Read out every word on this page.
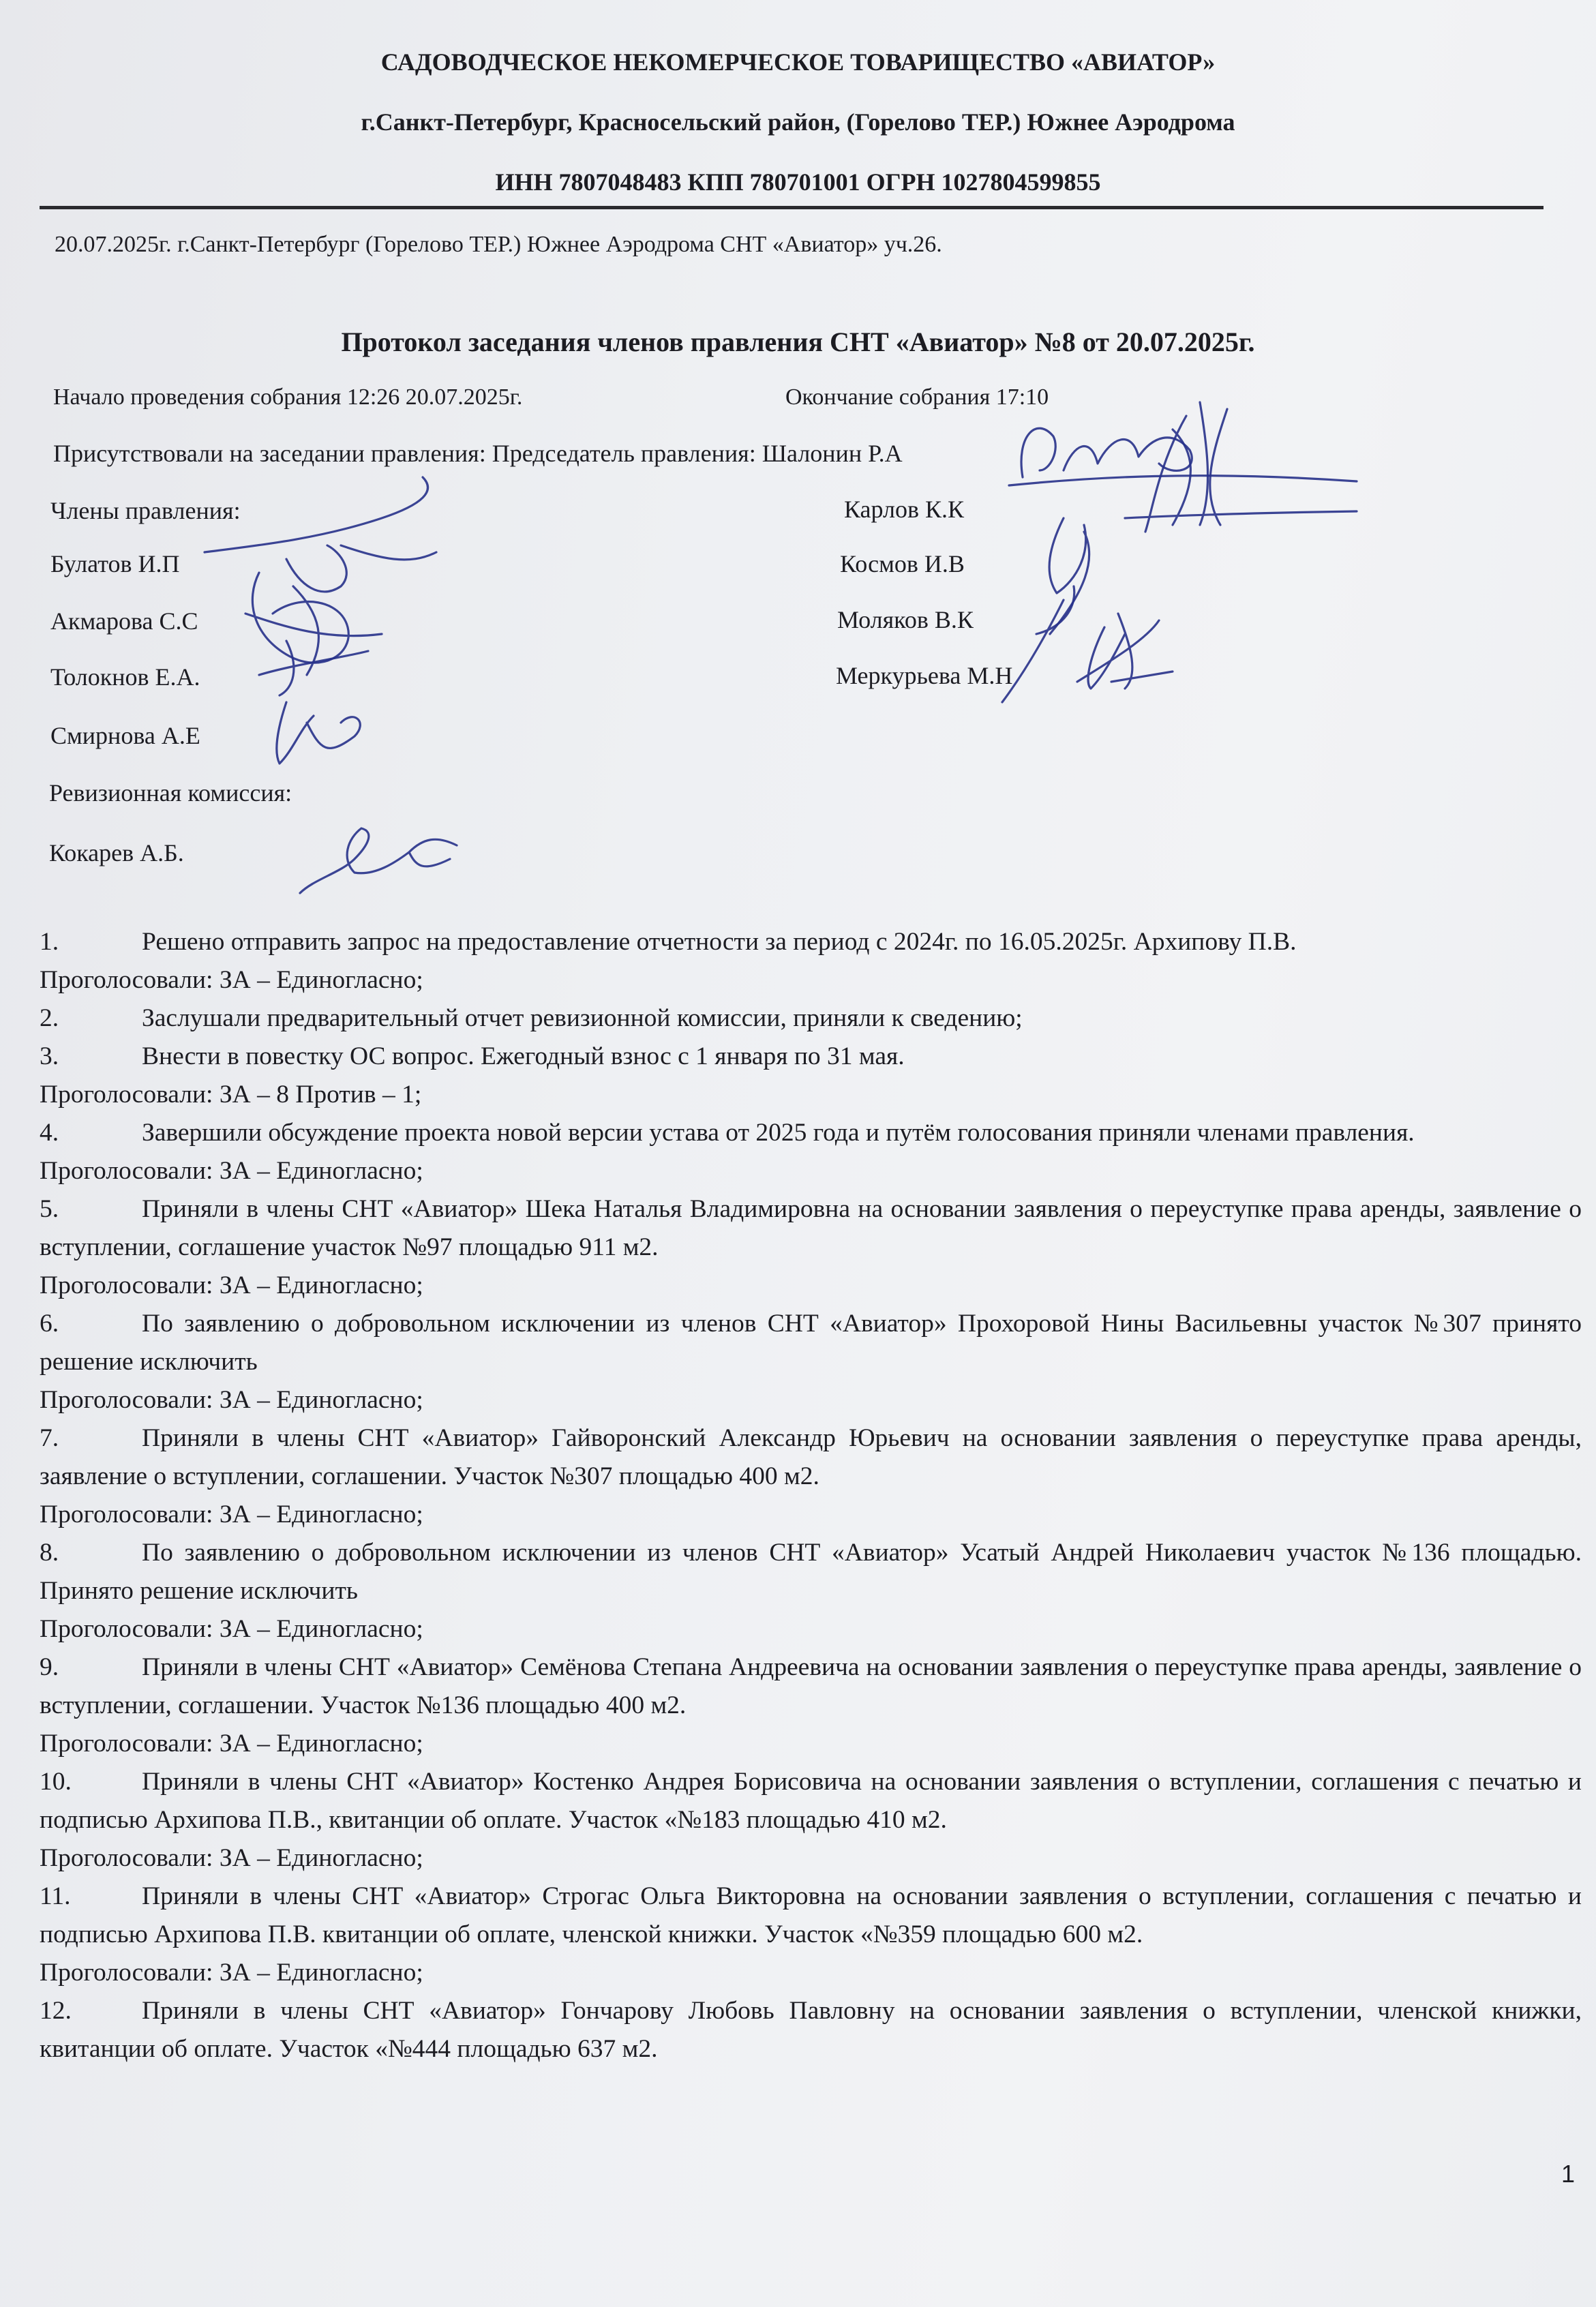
САДОВОДЧЕСКОЕ НЕКОМЕРЧЕСКОЕ ТОВАРИЩЕСТВО «АВИАТОР»
г.Санкт-Петербург, Красносельский район, (Горелово ТЕР.) Южнее Аэродрома
ИНН 7807048483 КПП 780701001 ОГРН 1027804599855
20.07.2025г. г.Санкт-Петербург (Горелово ТЕР.) Южнее Аэродрома СНТ «Авиатор» уч.26.
Протокол заседания членов правления СНТ «Авиатор» №8 от 20.07.2025г.
Начало проведения собрания 12:26 20.07.2025г.	Окончание собрания 17:10
Присутствовали на заседании правления: Председатель правления: Шалонин Р.А
Члены правления:
Булатов И.П
Акмарова С.С
Толокнов Е.А.
Смирнова А.Е
Карлов К.К
Космов И.В
Моляков В.К
Меркурьева М.Н
Ревизионная комиссия:
Кокарев А.Б.

1.	Решено отправить запрос на предоставление отчетности за период с 2024г. по 16.05.2025г. Архипову П.В.

Проголосовали: ЗА – Единогласно;

2.	Заслушали предварительный отчет ревизионной комиссии, приняли к сведению;

3.	Внести в повестку ОС вопрос. Ежегодный взнос с 1 января по 31 мая.

Проголосовали: ЗА – 8 Против – 1;

4.	Завершили обсуждение проекта новой версии устава от 2025 года и путём голосования приняли членами правления.

Проголосовали: ЗА – Единогласно;

5.	Приняли в члены СНТ «Авиатор» Шека Наталья Владимировна на основании заявления о переуступке права аренды, заявление о вступлении, соглашение участок №97 площадью 911 м2.

Проголосовали: ЗА – Единогласно;

6.	По заявлению о добровольном исключении из членов СНТ «Авиатор» Прохоровой Нины Васильевны участок №307 принято решение исключить

Проголосовали: ЗА – Единогласно;

7.	Приняли в члены СНТ «Авиатор» Гайворонский Александр Юрьевич на основании заявления о переуступке права аренды, заявление о вступлении, соглашении. Участок №307 площадью 400 м2.

Проголосовали: ЗА – Единогласно;

8.	По заявлению о добровольном исключении из членов СНТ «Авиатор» Усатый Андрей Николаевич участок №136 площадью. Принято решение исключить

Проголосовали: ЗА – Единогласно;

9.	Приняли в члены СНТ «Авиатор» Семёнова Степана Андреевича на основании заявления о переуступке права аренды, заявление о вступлении, соглашении. Участок №136 площадью 400 м2.

Проголосовали: ЗА – Единогласно;

10.	Приняли в члены СНТ «Авиатор» Костенко Андрея Борисовича на основании заявления о вступлении, соглашения с печатью и подписью Архипова П.В., квитанции об оплате. Участок «№183 площадью 410 м2.

Проголосовали: ЗА – Единогласно;

11.	Приняли в члены СНТ «Авиатор» Строгас Ольга Викторовна на основании заявления о вступлении, соглашения с печатью и подписью Архипова П.В. квитанции об оплате, членской книжки. Участок «№359 площадью 600 м2.

Проголосовали: ЗА – Единогласно;

12.	Приняли в члены СНТ «Авиатор» Гончарову Любовь Павловну на основании заявления о вступлении, членской книжки, квитанции об оплате. Участок «№444 площадью 637 м2.

1
